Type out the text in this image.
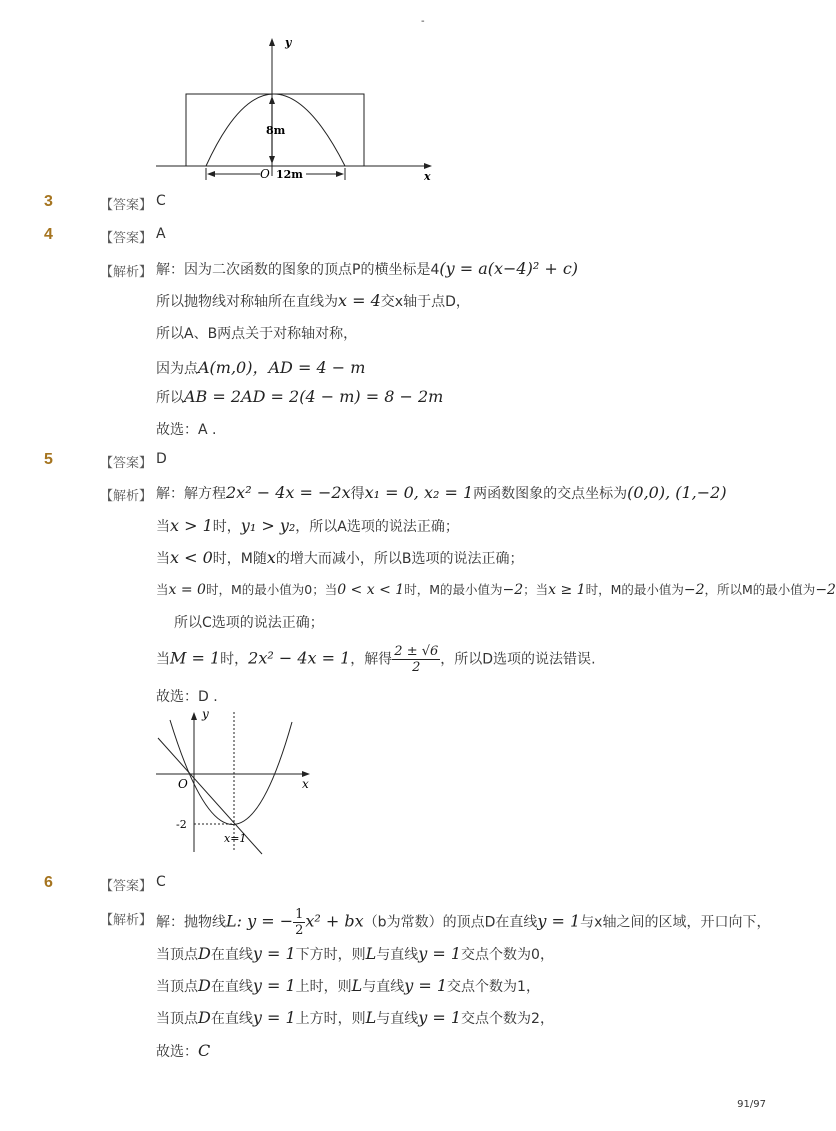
-
y
x
O
8m
12m
3	【答案】 C
4	【答案】 A
【解析】 解：因为二次函数的图象的顶点P的横坐标是4(y = a(x−4)² + c)
所以抛物线对称轴所在直线为x = 4交x轴于点D，
所以A、B两点关于对称轴对称，
因为点A(m,0)，AD = 4 − m
所以AB = 2AD = 2(4 − m) = 8 − 2m
故选：A .
5	【答案】 D
【解析】 解：解方程2x² − 4x = −2x得x₁ = 0, x₂ = 1两函数图象的交点坐标为(0,0), (1,−2)
当x > 1时，y₁ > y₂，所以A选项的说法正确；
当x < 0时，M随x的增大而减小，所以B选项的说法正确；
当x = 0时，M的最小值为0；当0 < x < 1时，M的最小值为−2；当x ≥ 1时，M的最小值为−2，所以M的最小值为−2
所以C选项的说法正确；
当M = 1时，2x² − 4x = 1，解得 $\frac{2 \pm √6}{2}$ ，所以D选项的说法错误.
故选：D .
y
x
O
-2
x=1
6	【答案】 C
【解析】 解：抛物线L: y = − $\frac{1}{2} x^2 + bx(b$为常数）的顶点D在直线y = 1与x轴之间的区域，开口向下，
当顶点D在直线y = 1下方时，则L与直线y = 1交点个数为0，
当顶点D在直线y = 1上时，则L与直线y = 1交点个数为1，
当顶点D在直线y = 1上方时，则L与直线y = 1交点个数为2，
故选：C
91/97
